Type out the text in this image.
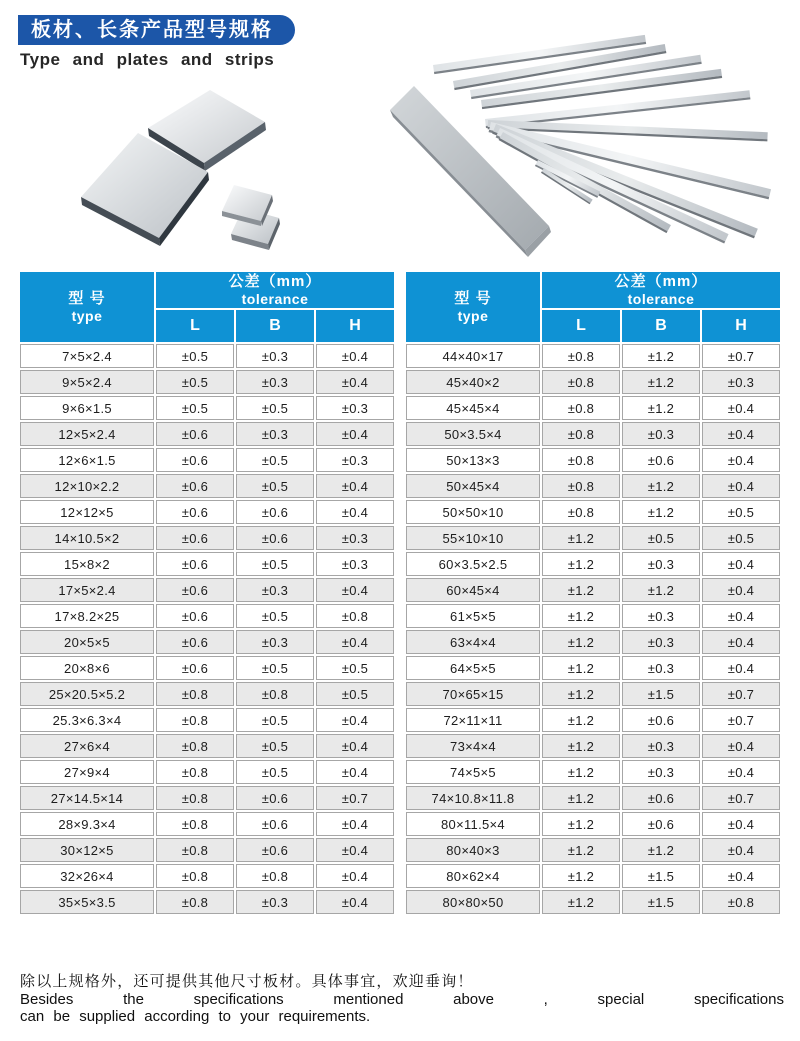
板材、长条产品型号规格
Type and plates and strips
型 号
type	公差（mm）
tolerance		

	L	B	H
7×5×2.4	±0.5	±0.3	±0.4
9×5×2.4	±0.5	±0.3	±0.4
9×6×1.5	±0.5	±0.5	±0.3
12×5×2.4	±0.6	±0.3	±0.4
12×6×1.5	±0.6	±0.5	±0.3
12×10×2.2	±0.6	±0.5	±0.4
12×12×5	±0.6	±0.6	±0.4
14×10.5×2	±0.6	±0.6	±0.3
15×8×2	±0.6	±0.5	±0.3
17×5×2.4	±0.6	±0.3	±0.4
17×8.2×25	±0.6	±0.5	±0.8
20×5×5	±0.6	±0.3	±0.4
20×8×6	±0.6	±0.5	±0.5
25×20.5×5.2	±0.8	±0.8	±0.5
25.3×6.3×4	±0.8	±0.5	±0.4
27×6×4	±0.8	±0.5	±0.4
27×9×4	±0.8	±0.5	±0.4
27×14.5×14	±0.8	±0.6	±0.7
28×9.3×4	±0.8	±0.6	±0.4
30×12×5	±0.8	±0.6	±0.4
32×26×4	±0.8	±0.8	±0.4
35×5×3.5	±0.8	±0.3	±0.4
型 号
type	公差（mm）
tolerance		

	L	B	H
44×40×17	±0.8	±1.2	±0.7
45×40×2	±0.8	±1.2	±0.3
45×45×4	±0.8	±1.2	±0.4
50×3.5×4	±0.8	±0.3	±0.4
50×13×3	±0.8	±0.6	±0.4
50×45×4	±0.8	±1.2	±0.4
50×50×10	±0.8	±1.2	±0.5
55×10×10	±1.2	±0.5	±0.5
60×3.5×2.5	±1.2	±0.3	±0.4
60×45×4	±1.2	±1.2	±0.4
61×5×5	±1.2	±0.3	±0.4
63×4×4	±1.2	±0.3	±0.4
64×5×5	±1.2	±0.3	±0.4
70×65×15	±1.2	±1.5	±0.7
72×11×11	±1.2	±0.6	±0.7
73×4×4	±1.2	±0.3	±0.4
74×5×5	±1.2	±0.3	±0.4
74×10.8×11.8	±1.2	±0.6	±0.7
80×11.5×4	±1.2	±0.6	±0.4
80×40×3	±1.2	±1.2	±0.4
80×62×4	±1.2	±1.5	±0.4
80×80×50	±1.2	±1.5	±0.8
除以上规格外，还可提供其他尺寸板材。具体事宜，欢迎垂询！
Besides the specifications mentioned above , special specifications
can be supplied according to your requirements.
